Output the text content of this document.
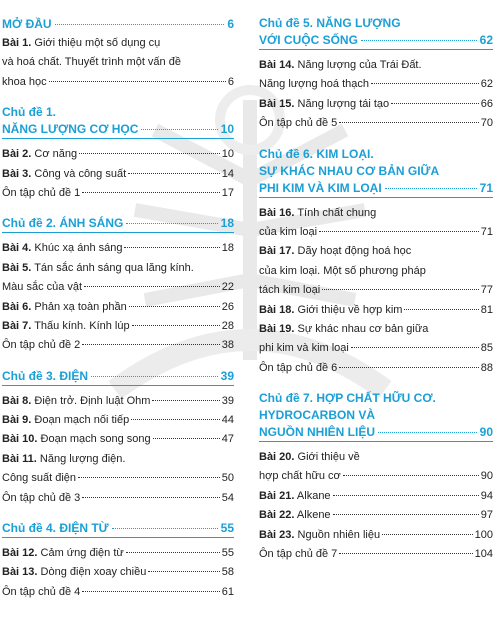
MỞ ĐẦU	6
Bài 1. Giới thiệu một số dụng cụ
và hoá chất. Thuyết trình một vấn đề
khoa học	6
Chủ đề 1.
NĂNG LƯỢNG CƠ HỌC	10
Bài 2. Cơ năng	10
Bài 3. Công và công suất	14
Ôn tập chủ đề 1	17
Chủ đề 2. ÁNH SÁNG	18
Bài 4. Khúc xạ ánh sáng	18
Bài 5. Tán sắc ánh sáng qua lăng kính.
Màu sắc của vật	22
Bài 6. Phản xạ toàn phần	26
Bài 7. Thấu kính. Kính lúp	28
Ôn tập chủ đề 2	38
Chủ đề 3. ĐIỆN	39
Bài 8. Điện trở. Định luật Ohm	39
Bài 9. Đoạn mạch nối tiếp	44
Bài 10. Đoạn mạch song song	47
Bài 11. Năng lượng điện.
Công suất điện	50
Ôn tập chủ đề 3	54
Chủ đề 4. ĐIỆN TỪ	55
Bài 12. Cảm ứng điện từ	55
Bài 13. Dòng điện xoay chiều	58
Ôn tập chủ đề 4	61
Chủ đề 5. NĂNG LƯỢNG
VỚI CUỘC SỐNG	62
Bài 14. Năng lượng của Trái Đất.
Năng lượng hoá thạch	62
Bài 15. Năng lượng tái tạo	66
Ôn tập chủ đề 5	70
Chủ đề 6. KIM LOẠI.
SỰ KHÁC NHAU CƠ BẢN GIỮA
PHI KIM VÀ KIM LOẠI	71
Bài 16. Tính chất chung
của kim loại	71
Bài 17. Dãy hoạt động hoá học
của kim loại. Một số phương pháp
tách kim loại	77
Bài 18. Giới thiệu về hợp kim	81
Bài 19. Sự khác nhau cơ bản giữa
phi kim và kim loại	85
Ôn tập chủ đề 6	88
Chủ đề 7. HỢP CHẤT HỮU CƠ.
HYDROCARBON VÀ
NGUỒN NHIÊN LIỆU	90
Bài 20. Giới thiệu về
hợp chất hữu cơ	90
Bài 21. Alkane	94
Bài 22. Alkene	97
Bài 23. Nguồn nhiên liệu	100
Ôn tập chủ đề 7	104
